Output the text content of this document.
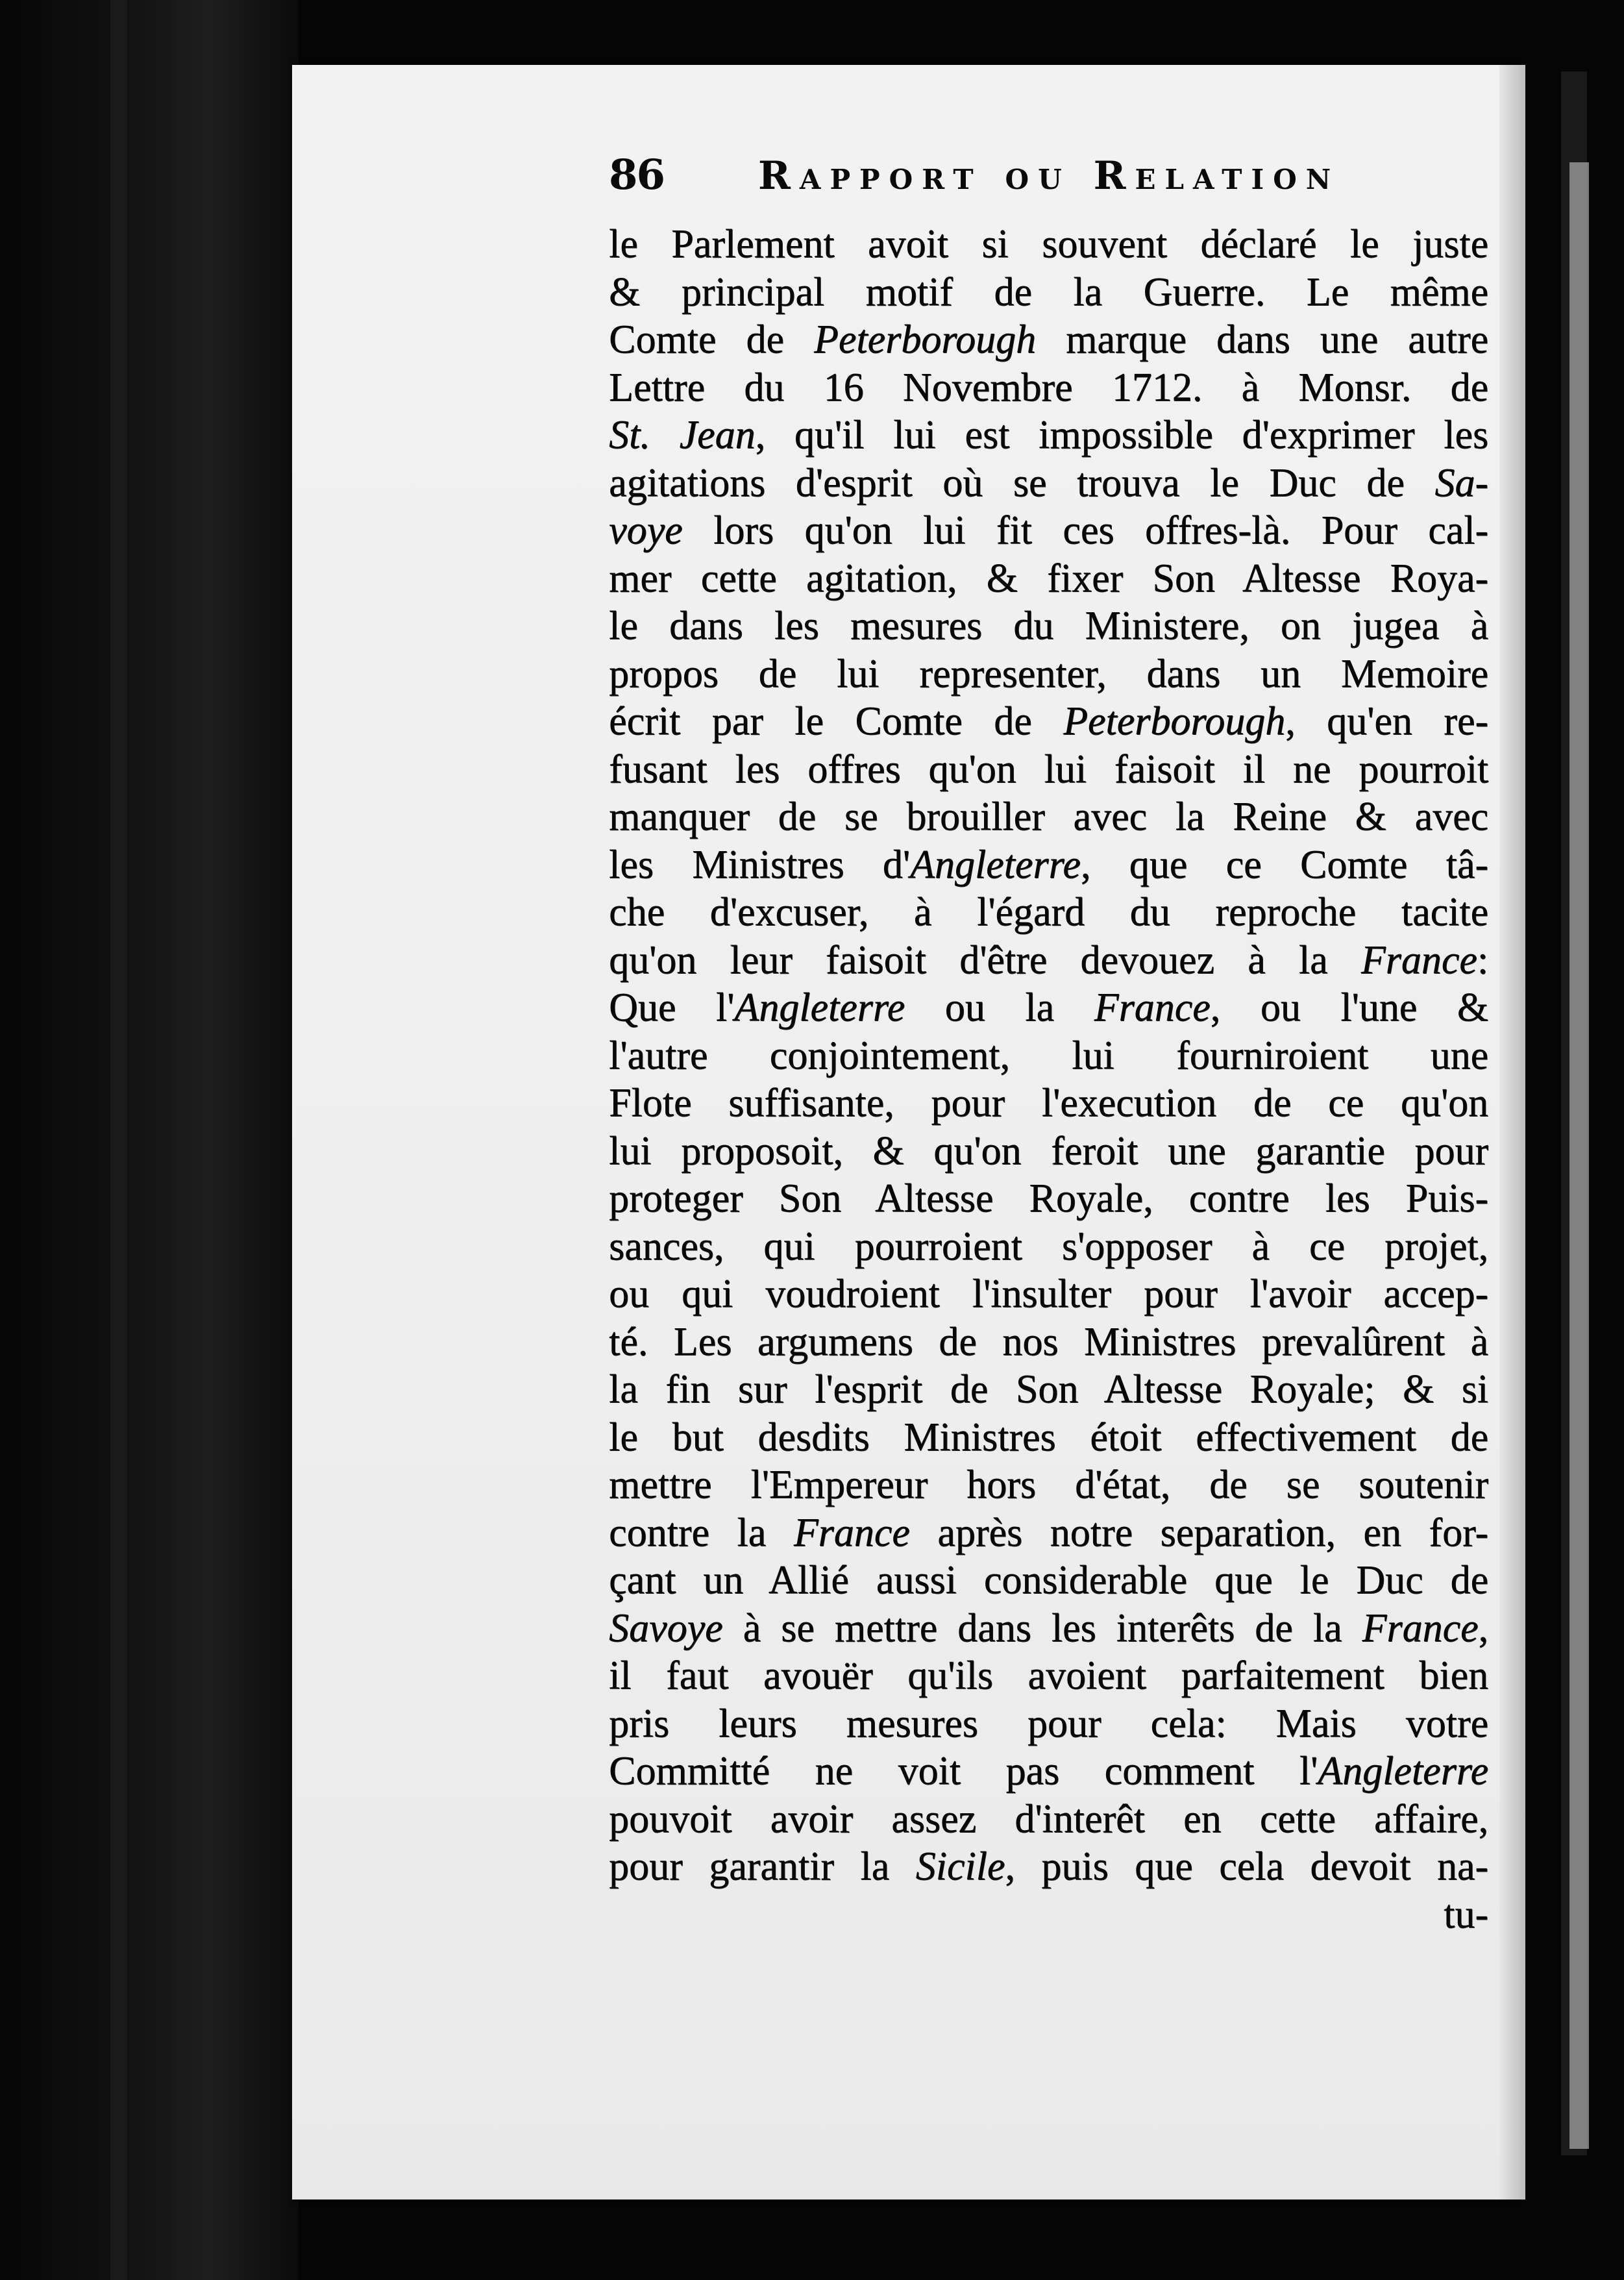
86 Rapport ou Relation
le Parlement avoit si souvent déclaré le juste
& principal motif de la Guerre. Le même
Comte de Peterborough marque dans une autre
Lettre du 16 Novembre 1712. à Monsr. de
St. Jean, qu'il lui est impossible d'exprimer les
agitations d'esprit où se trouva le Duc de Sa-
voye lors qu'on lui fit ces offres-là. Pour cal-
mer cette agitation, & fixer Son Altesse Roya-
le dans les mesures du Ministere, on jugea à
propos de lui representer, dans un Memoire
écrit par le Comte de Peterborough, qu'en re-
fusant les offres qu'on lui faisoit il ne pourroit
manquer de se brouiller avec la Reine & avec
les Ministres d'Angleterre, que ce Comte tâ-
che d'excuser, à l'égard du reproche tacite
qu'on leur faisoit d'être devouez à la France:
Que l'Angleterre ou la France, ou l'une &
l'autre conjointement, lui fourniroient une
Flote suffisante, pour l'execution de ce qu'on
lui proposoit, & qu'on feroit une garantie pour
proteger Son Altesse Royale, contre les Puis-
sances, qui pourroient s'opposer à ce projet,
ou qui voudroient l'insulter pour l'avoir accep-
té. Les argumens de nos Ministres prevalûrent à
la fin sur l'esprit de Son Altesse Royale; & si
le but desdits Ministres étoit effectivement de
mettre l'Empereur hors d'état, de se soutenir
contre la France après notre separation, en for-
çant un Allié aussi considerable que le Duc de
Savoye à se mettre dans les interêts de la France,
il faut avouër qu'ils avoient parfaitement bien
pris leurs mesures pour cela: Mais votre
Committé ne voit pas comment l'Angleterre
pouvoit avoir assez d'interêt en cette affaire,
pour garantir la Sicile, puis que cela devoit na-
tu-
